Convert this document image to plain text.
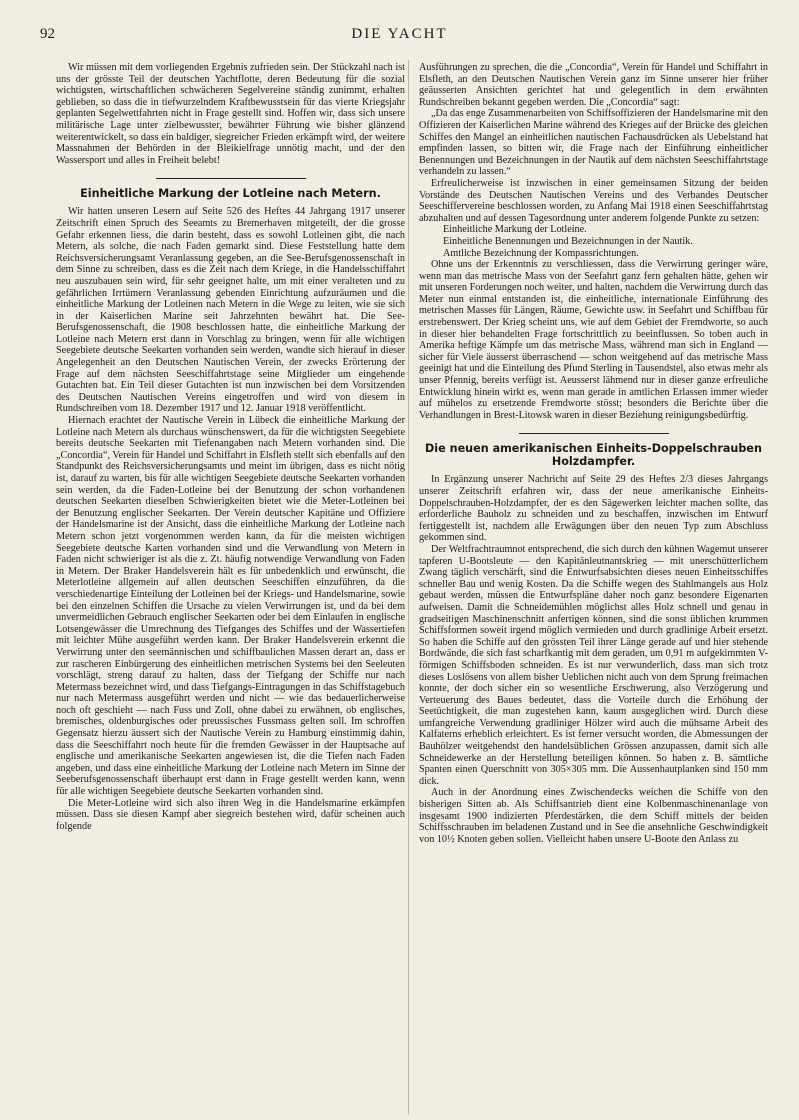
92	DIE YACHT

Wir müssen mit dem vorliegenden Ergebnis zufrieden sein. Der Stückzahl nach ist uns der grösste Teil der deutschen Yachtflotte, deren Bedeutung für die sozial wichtigsten, wirtschaftlichen schwächeren Segelvereine ständig zunimmt, erhalten geblieben, so dass die in tiefwurzelndem Kraftbewusstsein für das vierte Kriegsjahr geplanten Segelwettfahrten nicht in Frage gestellt sind. Hoffen wir, dass sich unsere militärische Lage unter zielbewusster, bewährter Führung wie bisher glänzend weiterentwickelt, so dass ein baldiger, siegreicher Frieden erkämpft wird, der weitere Massnahmen der Behörden in der Bleikielfrage unnötig macht, und der den Wassersport und alles in Freiheit belebt!

Einheitliche Markung der Lotleine nach Metern.

Wir hatten unseren Lesern auf Seite 526 des Heftes 44 Jahrgang 1917 unserer Zeitschrift einen Spruch des Seeamts zu Bremerhaven mitgeteilt, der die grosse Gefahr erkennen liess, die darin besteht, dass es sowohl Lotleinen gibt, die nach Metern, als solche, die nach Faden gemarkt sind. Diese Feststellung hatte dem Reichsversicherungsamt Veranlassung gegeben, an die See-Berufsgenossenschaft in dem Sinne zu schreiben, dass es die Zeit nach dem Kriege, in die Handelsschiffahrt neu auszubauen sein wird, für sehr geeignet halte, um mit einer veralteten und zu gefährlichen Irrtümern Veranlassung gebenden Einrichtung aufzuräumen und die einheitliche Markung der Lotleinen nach Metern in die Wege zu leiten, wie sie sich in der Kaiserlichen Marine seit Jahrzehnten bewährt hat. Die See-Berufsgenossenschaft, die 1908 beschlossen hatte, die einheitliche Markung der Lotleine nach Metern erst dann in Vorschlag zu bringen, wenn für alle wichtigen Seegebiete deutsche Seekarten vorhanden sein werden, wandte sich hierauf in dieser Angelegenheit an den Deutschen Nautischen Verein, der zwecks Erörterung der Frage auf dem nächsten Seeschiffahrtstage seine Mitglieder um eingehende Gutachten bat. Ein Teil dieser Gutachten ist nun inzwischen bei dem Vorsitzenden des Deutschen Nautischen Vereins eingetroffen und wird von diesem in Rundschreiben vom 18. Dezember 1917 und 12. Januar 1918 veröffentlicht.

Hiernach erachtet der Nautische Verein in Lübeck die einheitliche Markung der Lotleine nach Metern als durchaus wünschenswert, da für die wichtigsten Seegebiete bereits deutsche Seekarten mit Tiefenangaben nach Metern vorhanden sind. Die „Concordia“, Verein für Handel und Schiffahrt in Elsfleth stellt sich ebenfalls auf den Standpunkt des Reichsversicherungsamts und meint im übrigen, dass es nicht nötig ist, darauf zu warten, bis für alle wichtigen Seegebiete deutsche Seekarten vorhanden sein werden, da die Faden-Lotleine bei der Benutzung der schon vorhandenen deutschen Seekarten dieselben Schwierigkeiten bietet wie die Meter-Lotleinen bei der Benutzung englischer Seekarten. Der Verein deutscher Kapitäne und Offiziere der Handelsmarine ist der Ansicht, dass die einheitliche Markung der Lotleine nach Metern schon jetzt vorgenommen werden kann, da für die meisten wichtigen Seegebiete deutsche Karten vorhanden sind und die Verwandlung von Metern in Faden nicht schwieriger ist als die z. Zt. häufig notwendige Verwandlung von Faden in Metern. Der Braker Handelsverein hält es für unbedenklich und erwünscht, die Meterlotleine allgemein auf allen deutschen Seeschiffen einzuführen, da die verschiedenartige Einteilung der Lotleinen bei der Kriegs- und Handelsmarine, sowie bei den einzelnen Schiffen die Ursache zu vielen Verwirrungen ist, und da bei dem unvermeidlichen Gebrauch englischer Seekarten oder bei dem Einlaufen in englische Lotsengewässer die Umrechnung des Tiefganges des Schiffes und der Wassertiefen mit leichter Mühe ausgeführt werden kann. Der Braker Handelsverein erkennt die Verwirrung unter den seemännischen und schiffbaulichen Massen derart an, dass er zur rascheren Einbürgerung des einheitlichen metrischen Systems bei den Seeleuten vorschlägt, streng darauf zu halten, dass der Tiefgang der Schiffe nur nach Metermass bezeichnet wird, und dass Tiefgangs-Eintragungen in das Schiffstagebuch nur nach Metermass ausgeführt werden und nicht — wie das bedauerlicherweise noch oft geschieht — nach Fuss und Zoll, ohne dabei zu erwähnen, ob englisches, bremisches, oldenburgisches oder preussisches Fussmass gelten soll. Im schroffen Gegensatz hierzu äussert sich der Nautische Verein zu Hamburg einstimmig dahin, dass die Seeschiffahrt noch heute für die fremden Gewässer in der Hauptsache auf englische und amerikanische Seekarten angewiesen ist, die die Tiefen nach Faden angeben, und dass eine einheitliche Markung der Lotleine nach Metern im Sinne der Seeberufsgenossenschaft überhaupt erst dann in Frage gestellt werden kann, wenn für alle wichtigen Seegebiete deutsche Seekarten vorhanden sind.

Die Meter-Lotleine wird sich also ihren Weg in die Handelsmarine erkämpfen müssen. Dass sie diesen Kampf aber siegreich bestehen wird, dafür scheinen auch folgende

Ausführungen zu sprechen, die die „Concordia“, Verein für Handel und Schiffahrt in Elsfleth, an den Deutschen Nautischen Verein ganz im Sinne unserer hier früher geäusserten Ansichten gerichtet hat und gelegentlich in dem erwähnten Rundschreiben bekannt gegeben werden. Die „Concordia“ sagt:

„Da das enge Zusammenarbeiten von Schiffsoffizieren der Handelsmarine mit den Offizieren der Kaiserlichen Marine während des Krieges auf der Brücke des gleichen Schiffes den Mangel an einheitlichen nautischen Fachausdrücken als Uebelstand hat empfinden lassen, so bitten wir, die Frage nach der Einführung einheitlicher Benennungen und Bezeichnungen in der Nautik auf dem nächsten Seeschiffahrtstage verhandeln zu lassen.“

Erfreulicherweise ist inzwischen in einer gemeinsamen Sitzung der beiden Vorstände des Deutschen Nautischen Vereins und des Verbandes Deutscher Seeschiffervereine beschlossen worden, zu Anfang Mai 1918 einen Seeschiffahrtstag abzuhalten und auf dessen Tagesordnung unter anderem folgende Punkte zu setzen:

Einheitliche Markung der Lotleine.
Einheitliche Benennungen und Bezeichnungen in der Nautik.
Amtliche Bezeichnung der Kompassrichtungen.

Ohne uns der Erkenntnis zu verschliessen, dass die Verwirrung geringer wäre, wenn man das metrische Mass von der Seefahrt ganz fern gehalten hätte, gehen wir mit unseren Forderungen noch weiter, und halten, nachdem die Verwirrung durch das Meter nun einmal entstanden ist, die einheitliche, internationale Einführung des metrischen Masses für Längen, Räume, Gewichte usw. in Seefahrt und Schiffbau für erstrebenswert. Der Krieg scheint uns, wie auf dem Gebiet der Fremdworte, so auch in dieser hier behandelten Frage fortschrittlich zu beeinflussen. So toben auch in Amerika heftige Kämpfe um das metrische Mass, während man sich in England — sicher für Viele äusserst überraschend — schon weitgehend auf das metrische Mass geeinigt hat und die Einteilung des Pfund Sterling in Tausendstel, also etwas mehr als unser Pfennig, bereits verfügt ist. Aeusserst lähmend nur in dieser ganze erfreuliche Entwicklung hinein wirkt es, wenn man gerade in amtlichen Erlassen immer wieder auf mühelos zu ersetzende Fremdworte stösst; besonders die Berichte über die Verhandlungen in Brest-Litowsk waren in dieser Beziehung reinigungsbedürftig.

Die neuen amerikanischen Einheits-Doppelschrauben Holzdampfer.

In Ergänzung unserer Nachricht auf Seite 29 des Heftes 2/3 dieses Jahrgangs unserer Zeitschrift erfahren wir, dass der neue amerikanische Einheits-Doppelschrauben-Holzdampfer, der es den Sägewerken leichter machen sollte, das erforderliche Bauholz zu schneiden und zu beschaffen, inzwischen im Entwurf fertiggestellt ist, nachdem alle Erwägungen über den neuen Typ zum Abschluss gekommen sind.

Der Weltfrachtraumnot entsprechend, die sich durch den kühnen Wagemut unserer tapferen U-Bootsleute — den Kapitänleutnantskrieg — mit unerschütterlichem Zwang täglich verschärft, sind die Entwurfsabsichten dieses neuen Einheitsschiffes schneller Bau und wenig Kosten. Da die Schiffe wegen des Stahlmangels aus Holz gebaut werden, müssen die Entwurfspläne daher noch ganz besondere Eigenarten aufweisen. Damit die Schneidemühlen möglichst alles Holz schnell und genau in gradseitigen Maschinenschnitt anfertigen können, sind die sonst üblichen krummen Schiffsformen soweit irgend möglich vermieden und durch gradlinige Arbeit ersetzt. So haben die Schiffe auf den grössten Teil ihrer Länge gerade auf und hier stehende Bordwände, die sich fast scharfkantig mit dem geraden, um 0,91 m aufgekimmten V-förmigen Schiffsboden schneiden. Es ist nur verwunderlich, dass man sich trotz dieses Loslösens von allem bisher Ueblichen nicht auch von dem Sprung freimachen konnte, der doch sicher ein so wesentliche Erschwerung, also Verzögerung und Verteuerung des Baues bedeutet, dass die Vorteile durch die Erhöhung der Seetüchtigkeit, die man zugestehen kann, kaum ausgeglichen wird. Durch diese umfangreiche Verwendung gradliniger Hölzer wird auch die mühsame Arbeit des Kalfaterns erheblich erleichtert. Es ist ferner versucht worden, die Abmessungen der Bauhölzer weitgehendst den handelsüblichen Grössen anzupassen, damit sich alle Schneidewerke an der Herstellung beteiligen können. So haben z. B. sämtliche Spanten einen Querschnitt von 305×305 mm. Die Aussenhautplanken sind 150 mm dick.

Auch in der Anordnung eines Zwischendecks weichen die Schiffe von den bisherigen Sitten ab. Als Schiffsantrieb dient eine Kolbenmaschinenanlage von insgesamt 1900 indizierten Pferdestärken, die dem Schiff mittels der beiden Schiffsschrauben im beladenen Zustand und in See die ansehnliche Geschwindigkeit von 10½ Knoten geben sollen. Vielleicht haben unsere U-Boote den Anlass zu
